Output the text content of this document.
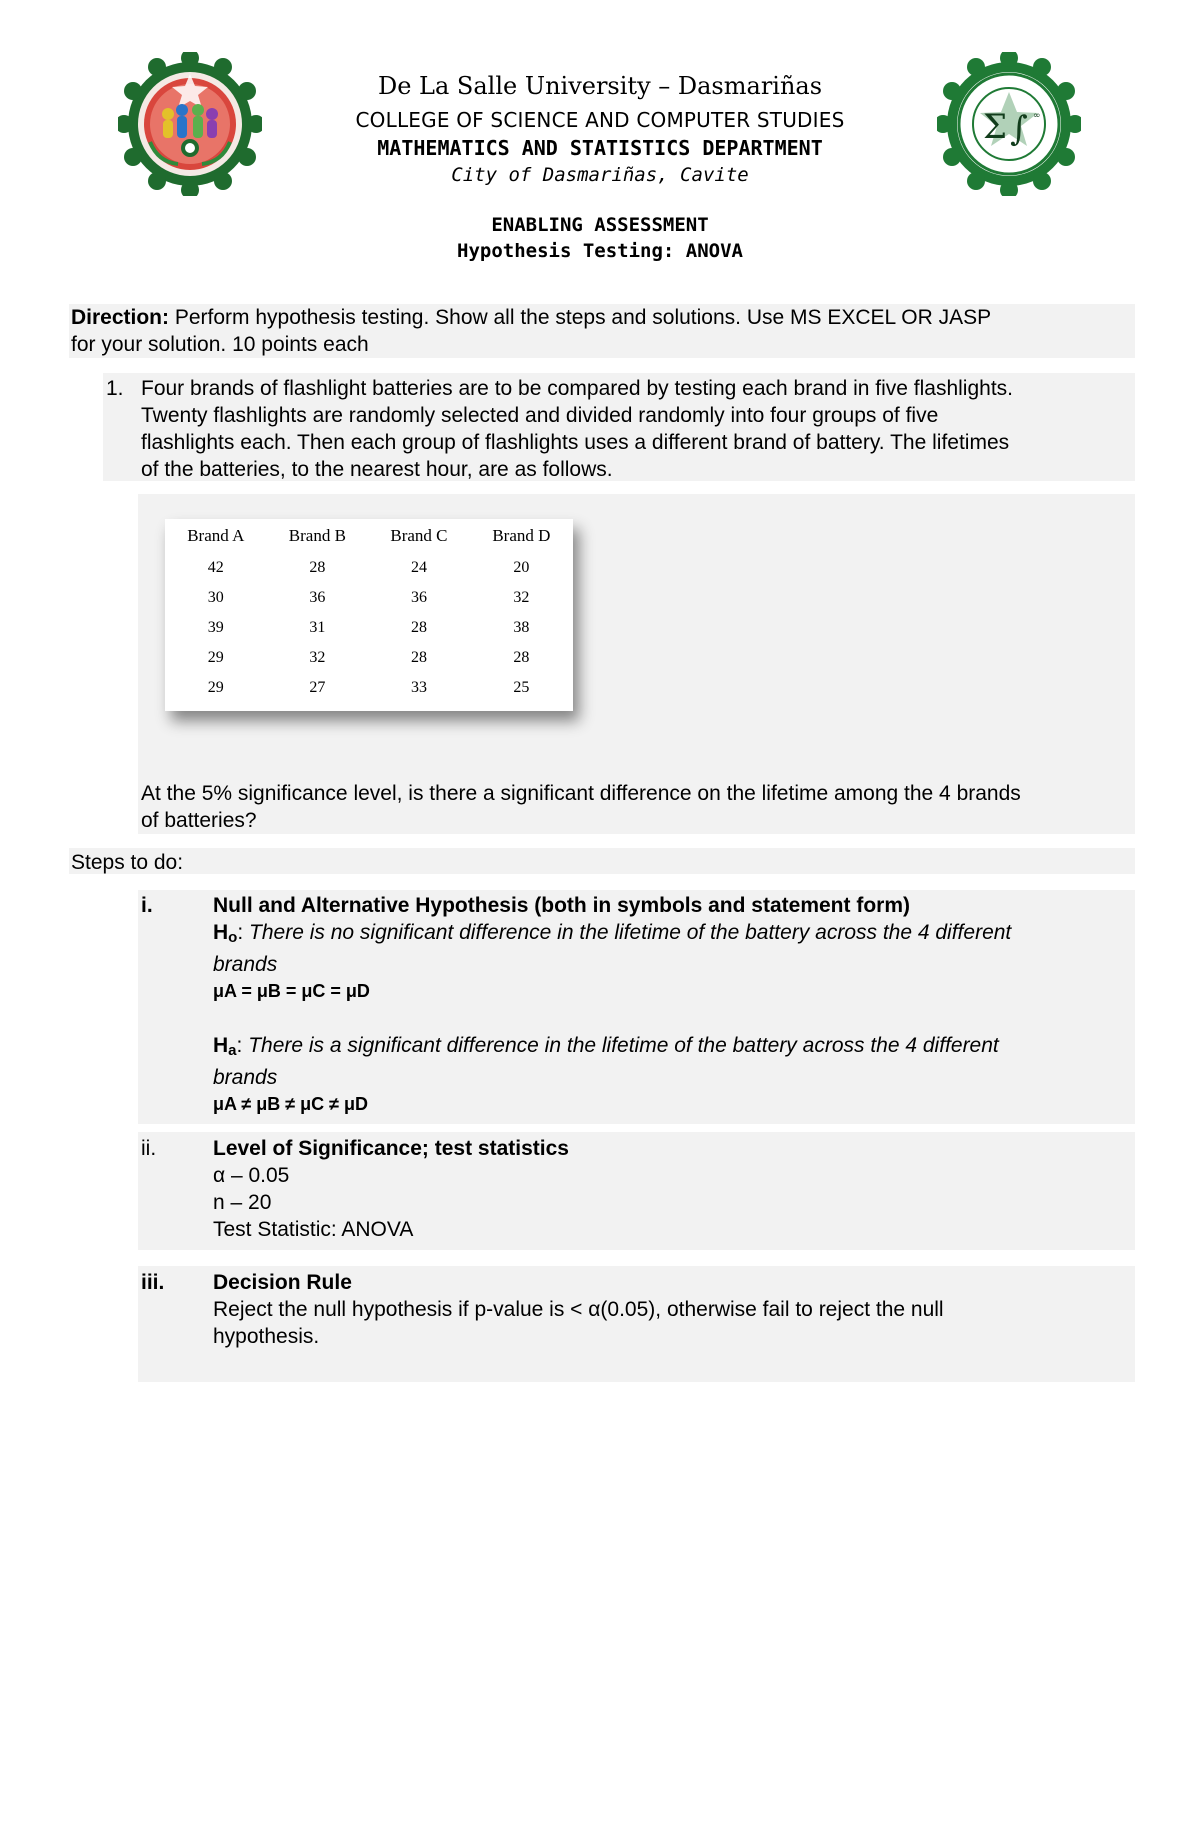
Σ ∫ ∞
De La Salle University – Dasmariñas
COLLEGE OF SCIENCE AND COMPUTER STUDIES
MATHEMATICS AND STATISTICS DEPARTMENT
City of Dasmariñas, Cavite
ENABLING ASSESSMENT
Hypothesis Testing: ANOVA
Direction: Perform hypothesis testing. Show all the steps and solutions. Use MS EXCEL OR JASP
for your solution. 10 points each
1. Four brands of flashlight batteries are to be compared by testing each brand in five flashlights.
Twenty flashlights are randomly selected and divided randomly into four groups of five
flashlights each. Then each group of flashlights uses a different brand of battery. The lifetimes
of the batteries, to the nearest hour, are as follows.
Brand A	Brand B	Brand C	Brand D
42	28	24	20
30	36	36	32
39	31	28	38
29	32	28	28
29	27	33	25
At the 5% significance level, is there a significant difference on the lifetime among the 4 brands
of batteries?
Steps to do:
i.	Null and Alternative Hypothesis (both in symbols and statement form)
$H_o$: There is no significant difference in the lifetime of the battery across the 4 different
brands
μA = μB = μC = μD
$H_a$: There is a significant difference in the lifetime of the battery across the 4 different
brands
μA ≠ μB ≠ μC ≠ μD
ii.	Level of Significance; test statistics
α – 0.05
n – 20
Test Statistic: ANOVA
iii. Decision Rule
Reject the null hypothesis if p-value is < α(0.05), otherwise fail to reject the null
hypothesis.
